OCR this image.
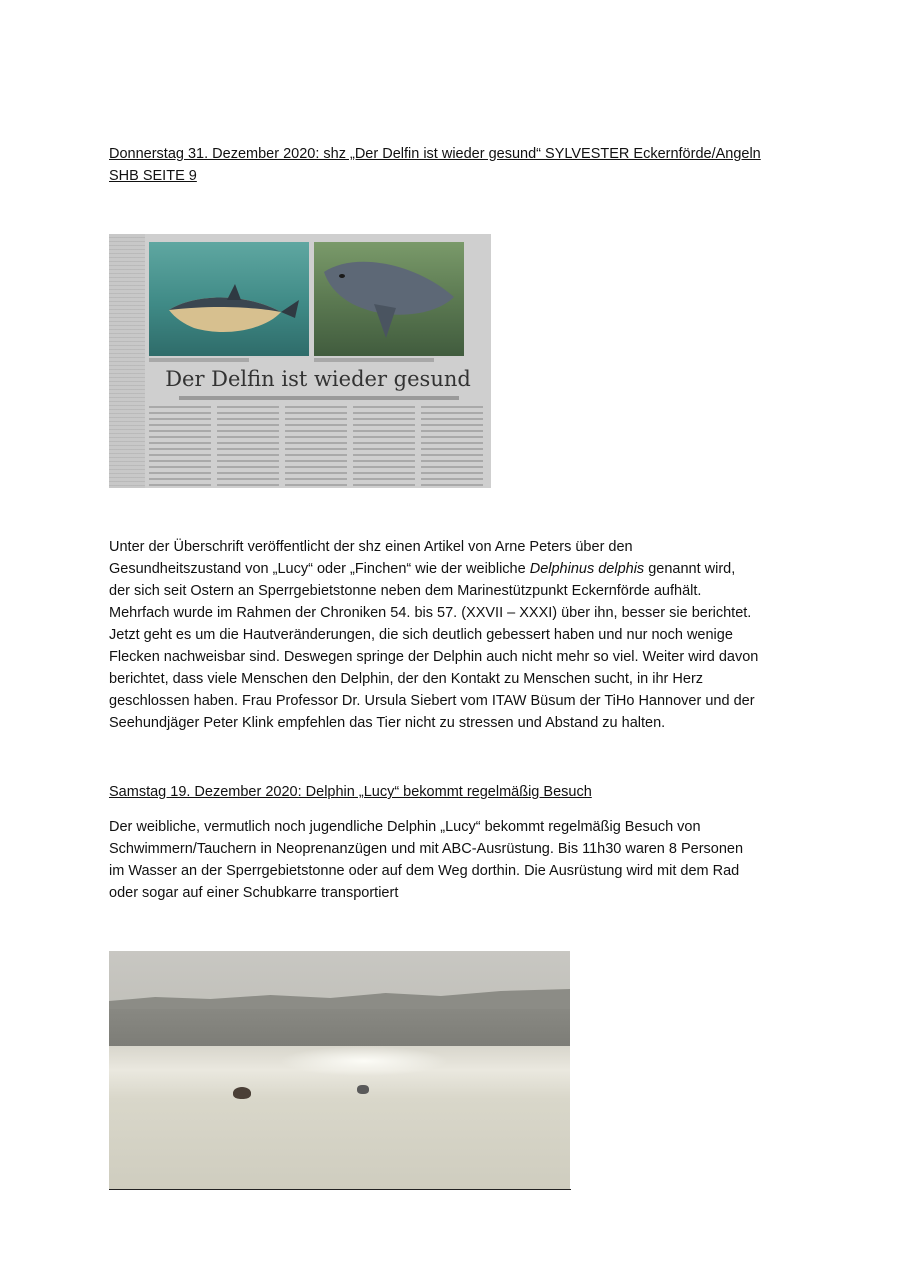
Donnerstag 31. Dezember 2020: shz „Der Delfin ist wieder gesund“ SYLVESTER Eckernförde/Angeln
SHB SEITE 9
Der Delfin ist wieder gesund

Unter der Überschrift veröffentlicht der shz einen Artikel von Arne Peters über den

Gesundheitszustand von „Lucy“ oder „Finchen“ wie der weibliche Delphinus delphis genannt wird,

der sich seit Ostern an Sperrgebietstonne neben dem Marinestützpunkt Eckernförde aufhält.

Mehrfach wurde im Rahmen der Chroniken 54. bis 57. (XXVII – XXXI) über ihn, besser sie berichtet.

Jetzt geht es um die Hautveränderungen, die sich deutlich gebessert haben und nur noch wenige

Flecken nachweisbar sind. Deswegen springe der Delphin auch nicht mehr so viel. Weiter wird davon

berichtet, dass viele Menschen den Delphin, der den Kontakt zu Menschen sucht, in ihr Herz

geschlossen haben. Frau Professor Dr. Ursula Siebert vom ITAW Büsum der TiHo Hannover und der

Seehundjäger Peter Klink empfehlen das Tier nicht zu stressen und Abstand zu halten.

Samstag 19. Dezember 2020: Delphin „Lucy“ bekommt regelmäßig Besuch

Der weibliche, vermutlich noch jugendliche Delphin „Lucy“ bekommt regelmäßig Besuch von

Schwimmern/Tauchern in Neoprenanzügen und mit ABC-Ausrüstung. Bis 11h30 waren 8 Personen

im Wasser an der Sperrgebietstonne oder auf dem Weg dorthin. Die Ausrüstung wird mit dem Rad

oder sogar auf einer Schubkarre transportiert
